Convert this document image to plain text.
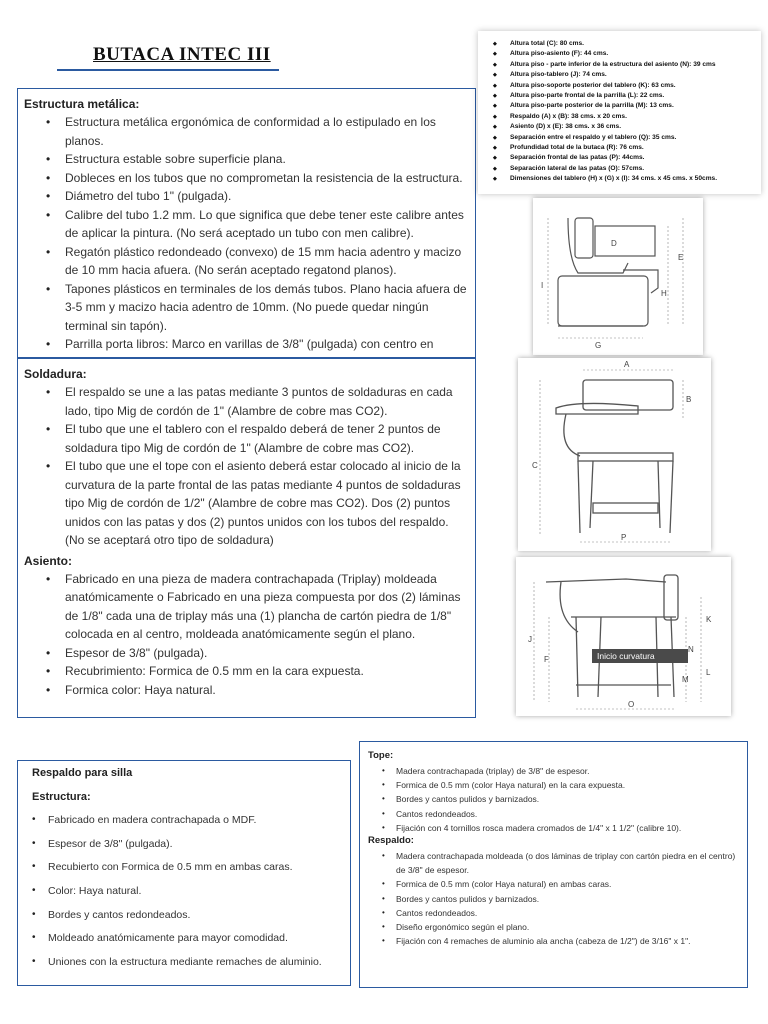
BUTACA INTEC III
Estructura metálica:
• Estructura metálica ergonómica de conformidad a lo estipulado en los planos.
• Estructura estable sobre superficie plana.
• Dobleces en los tubos que no comprometan la resistencia de la estructura.
• Diámetro del tubo 1" (pulgada).
• Calibre del tubo 1.2 mm. Lo que significa que debe tener este calibre antes de aplicar la pintura. (No será aceptado un tubo con men calibre).
• Regatón plástico redondeado (convexo) de 15 mm hacia adentro y macizo de 10 mm hacia afuera. (No serán aceptado regatond planos).
• Tapones plásticos en terminales de los demás tubos. Plano hacia afuera de 3-5 mm y macizo hacia adentro de 10mm. (No puede quedar ningún terminal sin tapón).
• Parrilla porta libros: Marco en varillas de 3/8" (pulgada) con centro en
Soldadura:
• El respaldo se une a las patas mediante 3 puntos de soldaduras en cada lado, tipo Mig de cordón de 1" (Alambre de cobre mas CO2).
• El tubo que une el tablero con el respaldo deberá de tener 2 puntos de soldadura tipo Mig de cordón de 1" (Alambre de cobre mas CO2).
• El tubo que une el tope con el asiento deberá estar colocado al inicio de la curvatura de la parte frontal de las patas mediante 4 puntos de soldaduras tipo Mig de cordón de 1/2" (Alambre de cobre mas CO2). Dos (2) puntos unidos con las patas y dos (2) puntos unidos con los tubos del respaldo. (No se aceptará otro tipo de soldadura)
Asiento:
• Fabricado en una pieza de madera contrachapada (Triplay) moldeada anatómicamente o Fabricado en una pieza compuesta por dos (2) láminas de 1/8" cada una de triplay más una (1) plancha de cartón piedra de 1/8" colocada en al centro, moldeada anatómicamente según el plano.
• Espesor de 3/8" (pulgada).
• Recubrimiento: Formica de 0.5 mm en la cara expuesta.
• Formica color: Haya natural.
◆ Altura total (C): 80 cms.
◆ Altura piso-asiento (F): 44 cms.
◆ Altura piso - parte inferior de la estructura del asiento (N): 39 cms
◆ Altura piso-tablero (J): 74 cms.
◆ Altura piso-soporte posterior del tablero (K): 63 cms.
◆ Altura piso-parte frontal de la parrilla (L): 22 cms.
◆ Altura piso-parte posterior de la parrilla (M): 13 cms.
◆ Respaldo (A) x (B): 38 cms. x 20 cms.
◆ Asiento (D) x (E): 38 cms. x 36 cms.
◆ Separación entre el respaldo y el tablero (Q): 35 cms.
◆ Profundidad total de la butaca (R): 76 cms.
◆ Separación frontal de las patas (P): 44cms.
◆ Separación lateral de las patas (O): 57cms.
◆ Dimensiones del tablero (H) x (G) x (I): 34 cms. x 45 cms. x 50cms.
D
E
H
I
G
A
B
C
P
J
F
K
N
M
L
O
Inicio curvatura
Respaldo para silla
Estructura:
• Fabricado en madera contrachapada o MDF.
• Espesor de 3/8" (pulgada).
• Recubierto con Formica de 0.5 mm en ambas caras.
• Color: Haya natural.
• Bordes y cantos redondeados.
• Moldeado anatómicamente para mayor comodidad.
• Uniones con la estructura mediante remaches de aluminio.
Tope:
• Madera contrachapada (triplay) de 3/8" de espesor.
• Formica de 0.5 mm (color Haya natural) en la cara expuesta.
• Bordes y cantos pulidos y barnizados.
• Cantos redondeados.
• Fijación con 4 tornillos rosca madera cromados de 1/4" x 1 1/2" (calibre 10).
Respaldo:
• Madera contrachapada moldeada (o dos láminas de triplay con cartón piedra en el centro) de 3/8" de espesor.
• Formica de 0.5 mm (color Haya natural) en ambas caras.
• Bordes y cantos pulidos y barnizados.
• Cantos redondeados.
• Diseño ergonómico según el plano.
• Fijación con 4 remaches de aluminio ala ancha (cabeza de 1/2") de 3/16" x 1".
